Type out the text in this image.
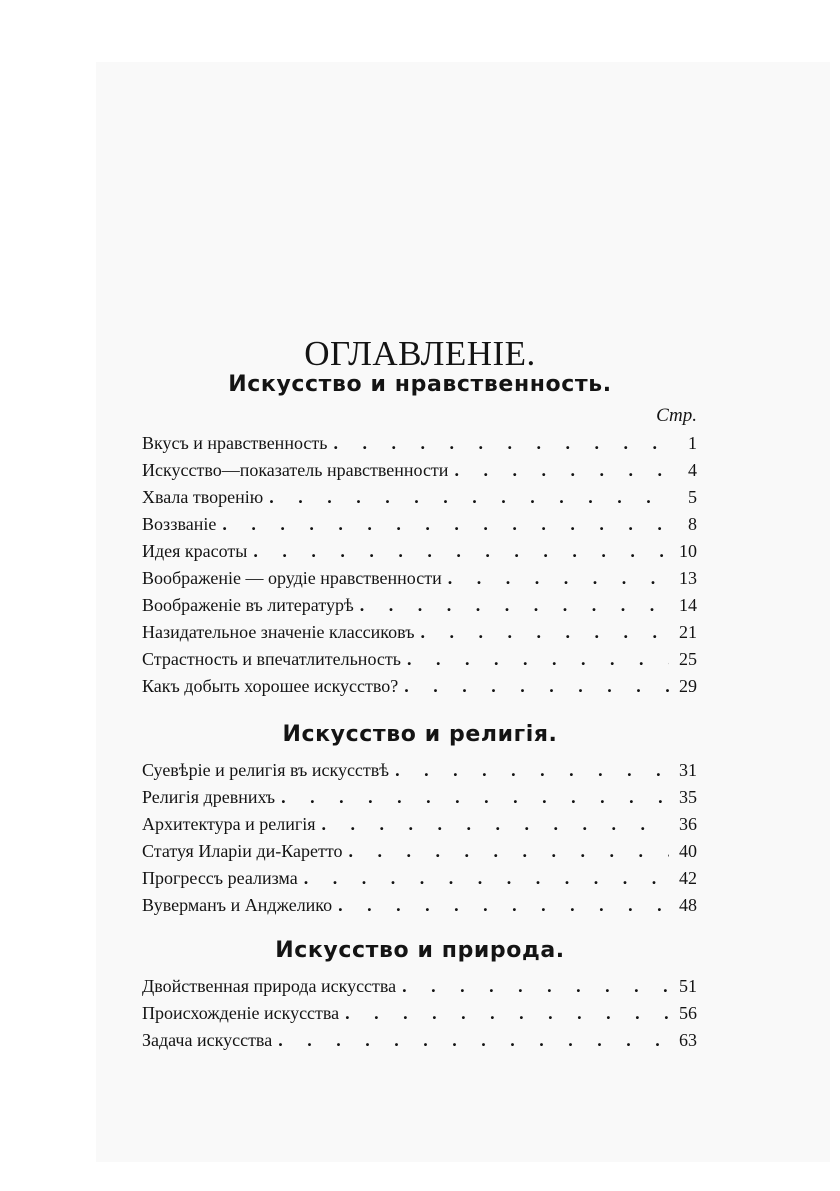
ОГЛАВЛЕНІЕ.
Искусство и нравственность.
Стр.
Вкусъ и нравственность . . .	1
Искусство—показатель нравственности . . .	4
Хвала творенію . . .	5
Воззваніе . . .	8
Идея красоты . . .	10
Воображеніе — орудіе нравственности . . .	13
Воображеніе въ литературѣ . . .	14
Назидательное значеніе классиковъ . . .	21
Страстность и впечатлительность . . .	25
Какъ добыть хорошее искусство? . . .	29
Искусство и религія.
Суевѣріе и религія въ искусствѣ . . .	31
Религія древнихъ . . .	35
Архитектура и религія . . .	36
Статуя Иларіи ди-Каретто . . .	40
Прогрессъ реализма . . .	42
Вуверманъ и Анджелико . . .	48
Искусство и природа.
Двойственная природа искусства . . .	51
Происхожденіе искусства . . .	56
Задача искусства . . .	63
